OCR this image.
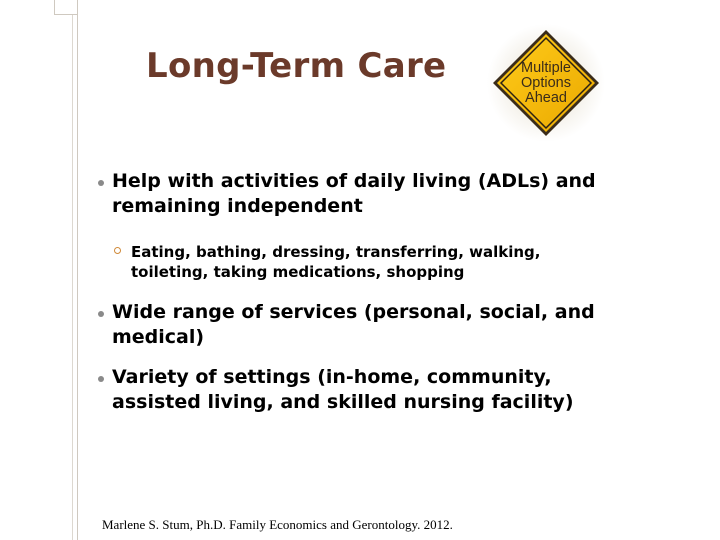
Long-Term Care	Multiple
Options
Ahead
Help with activities of daily living (ADLs) and remaining independent
Eating, bathing, dressing, transferring, walking, toileting, taking medications, shopping
Wide range of services (personal, social, and medical)
Variety of settings (in-home, community, assisted living, and skilled nursing facility)
Marlene S. Stum, Ph.D. Family Economics and Gerontology. 2012.
